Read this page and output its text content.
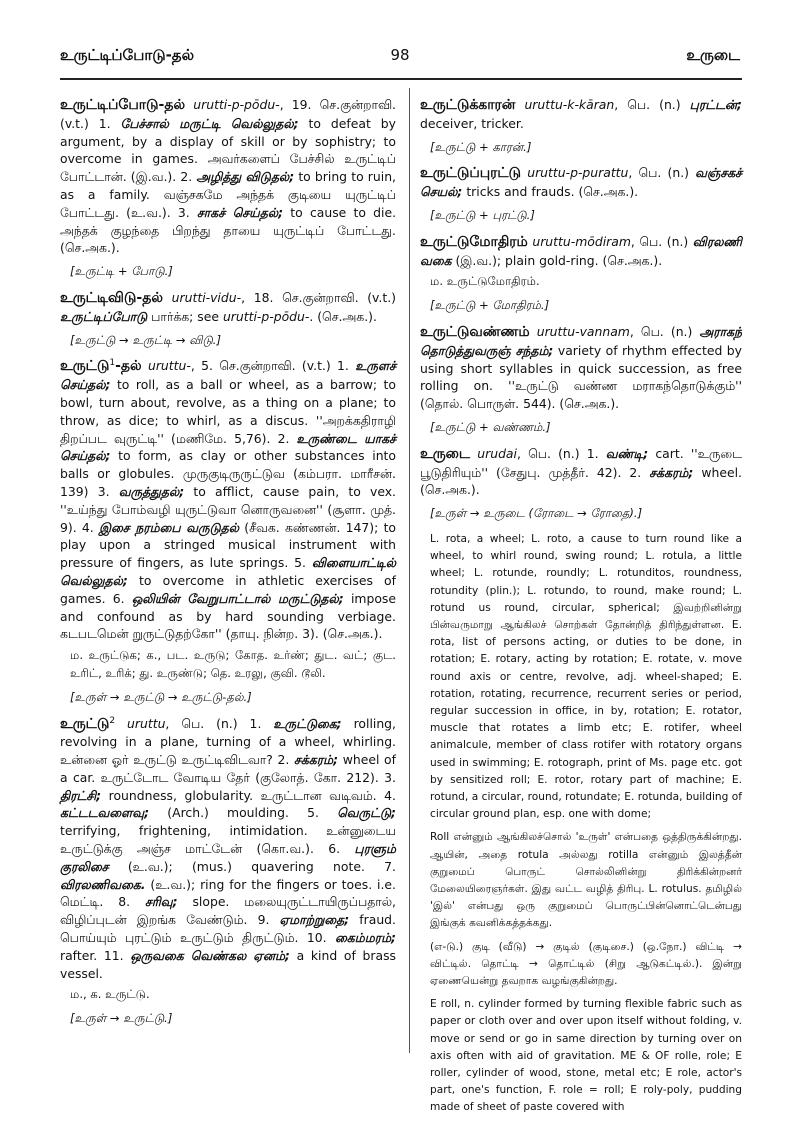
98
உருட்டிப்போடு-தல்	உருடை

உருட்டிப்போடு-தல் urutti-p-pōdu-, 19. செ.குன்றாவி. (v.t.) 1. பேச்சால் மருட்டி வெல்லுதல்; to defeat by argument, by a display of skill or by sophistry; to overcome in games. அவர்களைப் பேச்சில் உருட்டிப் போட்டான். (இ.வ.). 2. அழித்து விடுதல்; to bring to ruin, as a family. வஞ்சகமே அந்தக் குடியை யுருட்டிப் போட்டது. (உ.வ.). 3. சாகச் செய்தல்; to cause to die. அந்தக் குழந்தை பிறந்து தாயை யுருட்டிப் போட்டது. (செ.அக.).

[உருட்டி + போடு.]

உருட்டிவிடு-தல் urutti-vidu-, 18. செ.குன்றாவி. (v.t.) உருட்டிப்போடு பார்க்க; see urutti-p-pōdu-. (செ.அக.).

[உருட்டு → உருட்டி → விடு.]

உருட்டு$^1$-தல் uruttu-, 5. செ.குன்றாவி. (v.t.) 1. உருளச் செய்தல்; to roll, as a ball or wheel, as a barrow; to bowl, turn about, revolve, as a thing on a plane; to throw, as dice; to whirl, as a discus. ''அறக்கதிராழி திறப்பட வுருட்டி'' (மணிமே. 5,76). 2. உருண்டை யாகச் செய்தல்; to form, as clay or other substances into balls or globules. முருகுடிருருட்டுவ (கம்பரா. மாரீசன். 139) 3. வருத்துதல்; to afflict, cause pain, to vex. ''உய்ந்து போம்வழி யுருட்டுவா னொருவனை'' (சூளா. முத். 9). 4. இசை நரம்பை வருடுதல் (சீவக. கண்ணன். 147); to play upon a stringed musical instrument with pressure of fingers, as lute springs. 5. விளையாட்டில் வெல்லுதல்; to overcome in athletic exercises of games. 6. ஒலியின் வேறுபாட்டால் மருட்டுதல்; impose and confound as by hard sounding verbiage. கடபடமென் றுருட்டுதற்கோ'' (தாயு. நின்ற. 3). (செ.அக.).

ம. உருட்டுக; க., பட. உருடு; கோத. உர்ண்; துட. வட்; குட. உரிட், உரிக்; து. உருண்டு; தெ. உரலு, குவி. டூலி.
[உருள் → உருட்டு → உருட்டு-தல்.]

உருட்டு$^2$ uruttu, பெ. (n.) 1. உருட்டுகை; rolling, revolving in a plane, turning of a wheel, whirling. உன்னை ஓர் உருட்டு உருட்டிவிடவா? 2. சக்கரம்; wheel of a car. உருட்டோட வோடிய தேர் (குலோத். கோ. 212). 3. திரட்சி; roundness, globularity. உருட்டான வடிவம். 4. கட்டடவளைவு; (Arch.) moulding. 5. வெருட்டு; terrifying, frightening, intimidation. உன்னுடைய உருட்டுக்கு அஞ்ச மாட்டேன் (கொ.வ.). 6. புரளும் குரலிசை (உ.வ.); (mus.) quavering note. 7. விரலணிவகை. (உ.வ.); ring for the fingers or toes. i.e. மெட்டி. 8. சரிவு; slope. மலையுருட்டாயிருப்பதால், விழிப்புடன் இறங்க வேண்டும். 9. ஏமாற்றுதை; fraud. பொய்யும் புரட்டும் உருட்டும் திருட்டும். 10. கைம்மரம்; rafter. 11. ஒருவகை வெண்கல ஏனம்; a kind of brass vessel.

ம., க. உருட்டு.
[உருள் → உருட்டு.]

உருட்டுக்காரன் uruttu-k-kāran, பெ. (n.) புரட்டன்; deceiver, tricker.

[உருட்டு + காரன்.]

உருட்டுப்புரட்டு uruttu-p-purattu, பெ. (n.) வஞ்சகச் செயல்; tricks and frauds. (செ.அக.).

[உருட்டு + புரட்டு.]

உருட்டுமோதிரம் uruttu-mōdiram, பெ. (n.) விரலணி வகை (இ.வ.); plain gold-ring. (செ.அக.).

ம. உருட்டுமோதிரம்.
[உருட்டு + மோதிரம்.]

உருட்டுவண்ணம் uruttu-vannam, பெ. (n.) அராகந் தொடுத்துவருஞ் சந்தம்; variety of rhythm effected by using short syllables in quick succession, as free rolling on. ''உருட்டு வண்ண மராகந்தொடுக்கும்'' (தொல். பொருள். 544). (செ.அக.).

[உருட்டு + வண்ணம்.]

உருடை urudai, பெ. (n.) 1. வண்டி; cart. ''உருடை பூடுதிரியும்'' (சேதுபு. முத்தீர். 42). 2. சக்கரம்; wheel. (செ.அக.).

[உருள் → உருடை (ரோடை → ரோதை).]

L. rota, a wheel; L. roto, a cause to turn round like a wheel, to whirl round, swing round; L. rotula, a little wheel; L. rotunde, roundly; L. rotunditos, roundness, rotundity (plin.); L. rotundo, to round, make round; L. rotund us round, circular, spherical; இவற்றினின்று பின்வருமாறு ஆங்கிலச் சொற்கள் தோன்றித் திரிந்துள்ளன. E. rota, list of persons acting, or duties to be done, in rotation; E. rotary, acting by rotation; E. rotate, v. move round axis or centre, revolve, adj. wheel-shaped; E. rotation, rotating, recurrence, recurrent series or period, regular succession in office, in by, rotation; E. rotator, muscle that rotates a limb etc; E. rotifer, wheel animalcule, member of class rotifer with rotatory organs used in swimming; E. rotograph, print of Ms. page etc. got by sensitized roll; E. rotor, rotary part of machine; E. rotund, a circular, round, rotundate; E. rotunda, building of circular ground plan, esp. one with dome;

Roll என்னும் ஆங்கிலச்சொல் 'உருள்' என்பதை ஒத்திருக்கின்றது. ஆயின், அதை rotula அல்லது rotilla என்னும் இலத்தீன் குறுமைப் பொருட் சொல்லினின்று திரிக்கின்றனர் மேலையிரைஞர்கள். இது வட்ட வழித் திரிபு. L. rotulus. தமிழில் 'இல்' என்பது ஒரு குறுமைப் பொருட்பின்னொட்டென்பது இங்குக் கவனிக்கத்தக்கது.

(எ-டு.) குடி (வீடு) → குடில் (குடிசை.) (ஒ.நோ.) விட்டி → விட்டில். தொட்டி → தொட்டில் (சிறு ஆடுகட்டில்.). இன்று ஏணையென்று தவறாக வழங்குகின்றது.

E roll, n. cylinder formed by turning flexible fabric such as paper or cloth over and over upon itself without folding, v. move or send or go in same direction by turning over on axis often with aid of gravitation. ME & OF rolle, role; E roller, cylinder of wood, stone, metal etc; E role, actor's part, one's function, F. role = roll; E roly-poly, pudding made of sheet of paste covered with
